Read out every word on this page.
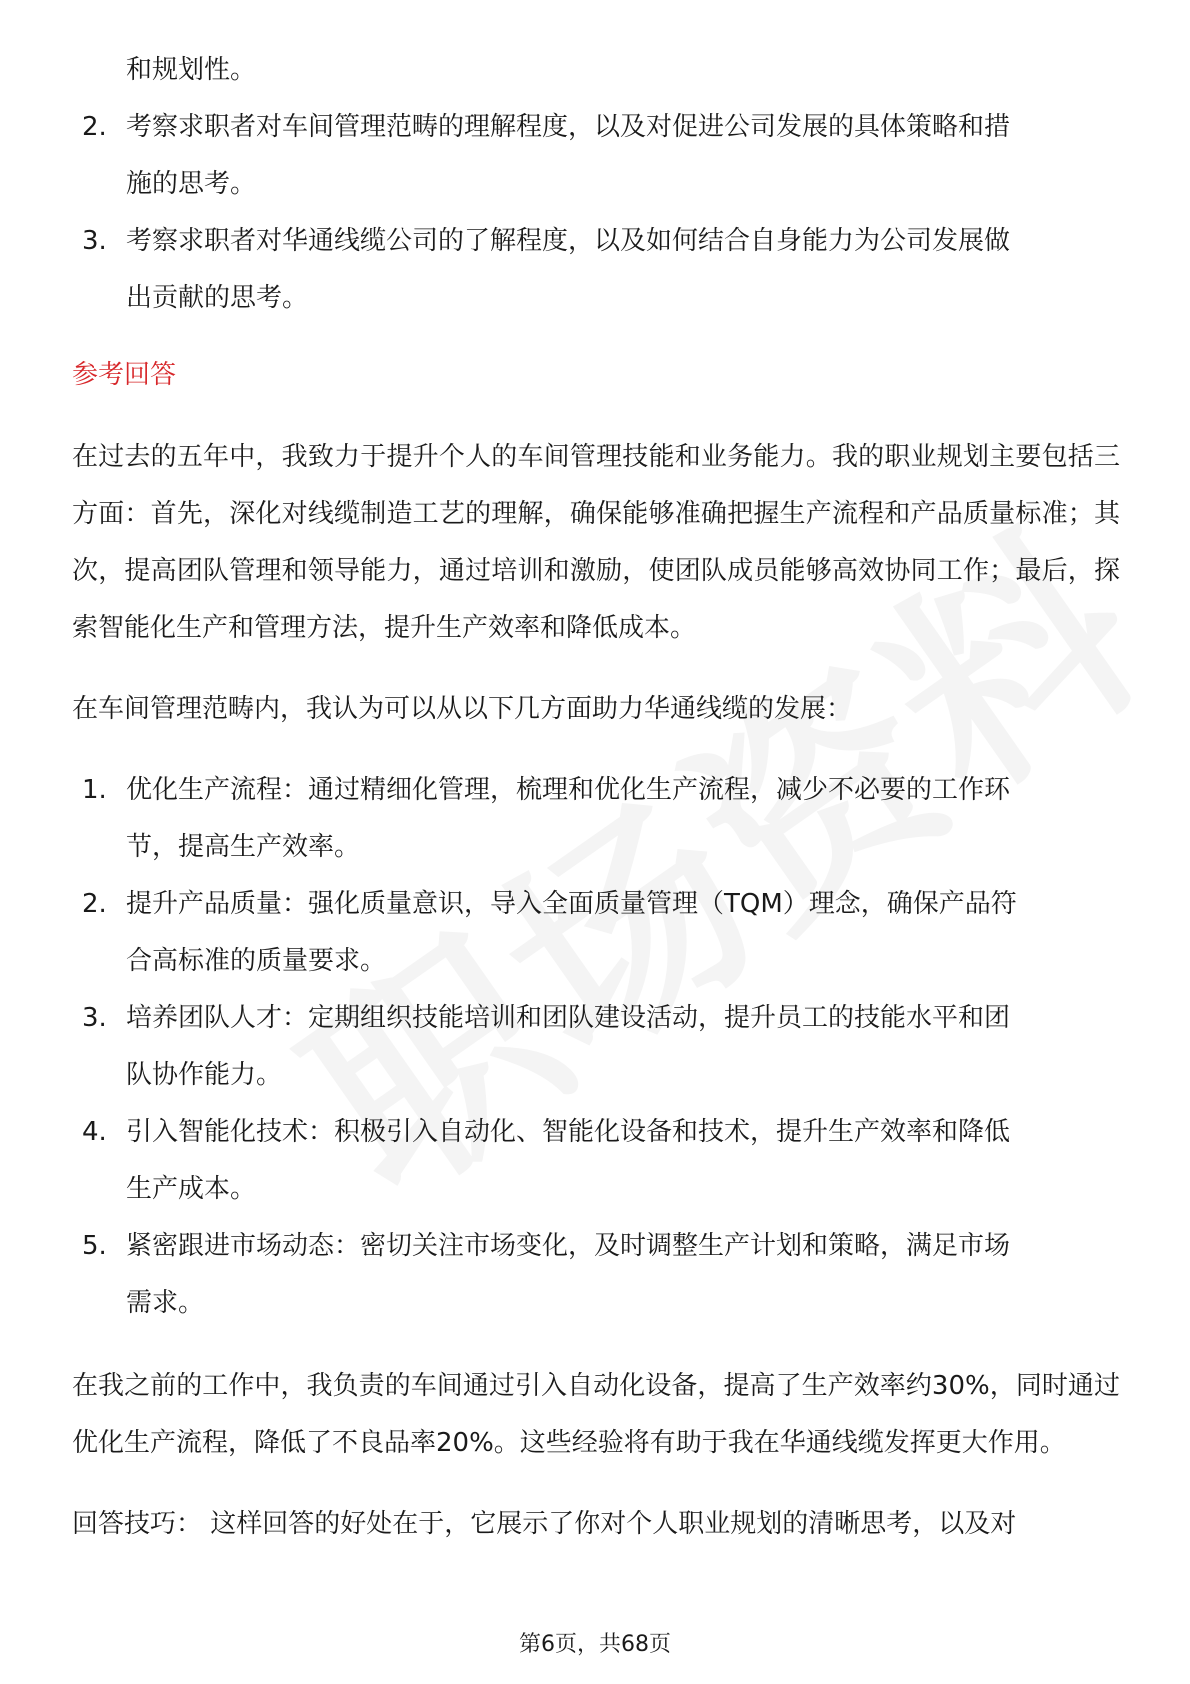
和规划性。

2. 考察求职者对车间管理范畴的理解程度，以及对促进公司发展的具体策略和措
施的思考。
3. 考察求职者对华通线缆公司的了解程度，以及如何结合自身能力为公司发展做
出贡献的思考。
参考回答

在过去的五年中，我致力于提升个人的车间管理技能和业务能力。我的职业规划主要包括三方面：首先，深化对线缆制造工艺的理解，确保能够准确把握生产流程和产品质量标准；其次，提高团队管理和领导能力，通过培训和激励，使团队成员能够高效协同工作；最后，探索智能化生产和管理方法，提升生产效率和降低成本。

在车间管理范畴内，我认为可以从以下几方面助力华通线缆的发展：

1. 优化生产流程：通过精细化管理，梳理和优化生产流程，减少不必要的工作环
节，提高生产效率。
2. 提升产品质量：强化质量意识，导入全面质量管理（TQM）理念，确保产品符
合高标准的质量要求。
3. 培养团队人才：定期组织技能培训和团队建设活动，提升员工的技能水平和团
队协作能力。
4. 引入智能化技术：积极引入自动化、智能化设备和技术，提升生产效率和降低
生产成本。
5. 紧密跟进市场动态：密切关注市场变化，及时调整生产计划和策略，满足市场
需求。

在我之前的工作中，我负责的车间通过引入自动化设备，提高了生产效率约30%，同时通过优化生产流程，降低了不良品率20%。这些经验将有助于我在华通线缆发挥更大作用。

回答技巧： 这样回答的好处在于，它展示了你对个人职业规划的清晰思考，以及对

第6页，共68页
